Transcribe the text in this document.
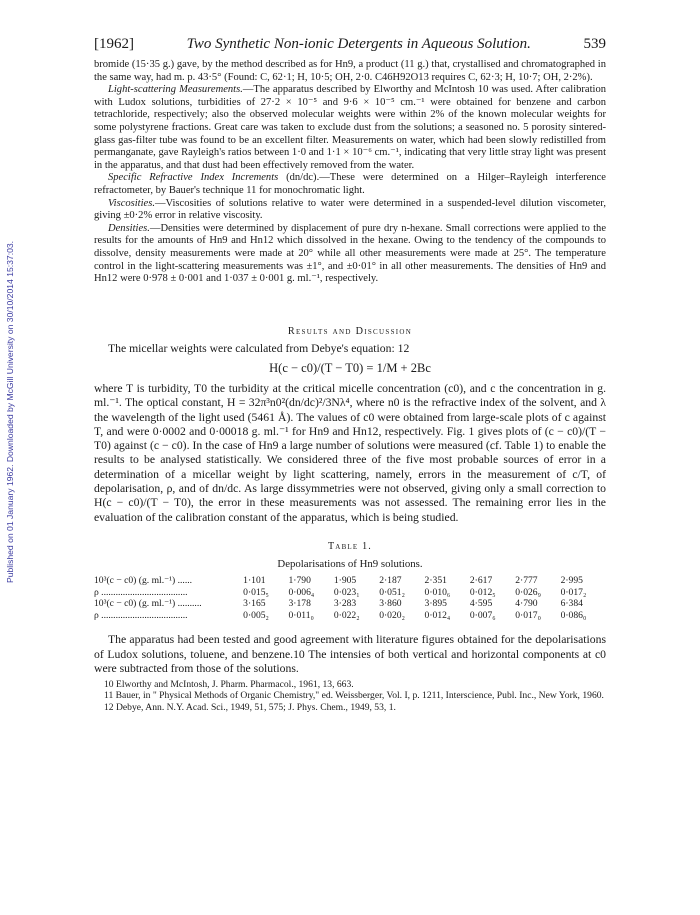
Published on 01 January 1962. Downloaded by McGill University on 30/10/2014 15:37:03.
[1962]	Two Synthetic Non-ionic Detergents in Aqueous Solution.	539

bromide (15·35 g.) gave, by the method described as for Hn9, a product (11 g.) that, crystallised and chromatographed in the same way, had m. p. 43·5° (Found: C, 62·1; H, 10·5; OH, 2·0. C46H92O13 requires C, 62·3; H, 10·7; OH, 2·2%).

Light-scattering Measurements.—The apparatus described by Elworthy and McIntosh 10 was used. After calibration with Ludox solutions, turbidities of 27·2 × 10⁻⁵ and 9·6 × 10⁻⁵ cm.⁻¹ were obtained for benzene and carbon tetrachloride, respectively; also the observed molecular weights were within 2% of the known molecular weights for some polystyrene fractions. Great care was taken to exclude dust from the solutions; a seasoned no. 5 porosity sintered-glass gas-filter tube was found to be an excellent filter. Measurements on water, which had been slowly redistilled from permanganate, gave Rayleigh's ratios between 1·0 and 1·1 × 10⁻⁶ cm.⁻¹, indicating that very little stray light was present in the apparatus, and that dust had been effectively removed from the water.

Specific Refractive Index Increments (dn/dc).—These were determined on a Hilger–Rayleigh interference refractometer, by Bauer's technique 11 for monochromatic light.

Viscosities.—Viscosities of solutions relative to water were determined in a suspended-level dilution viscometer, giving ±0·2% error in relative viscosity.

Densities.—Densities were determined by displacement of pure dry n-hexane. Small corrections were applied to the results for the amounts of Hn9 and Hn12 which dissolved in the hexane. Owing to the tendency of the compounds to dissolve, density measurements were made at 20° while all other measurements were made at 25°. The temperature control in the light-scattering measurements was ±1°, and ±0·01° in all other measurements. The densities of Hn9 and Hn12 were 0·978 ± 0·001 and 1·037 ± 0·001 g. ml.⁻¹, respectively.

Results and Discussion

The micellar weights were calculated from Debye's equation: 12

H(c − c0)/(T − T0) = 1/M + 2Bc

where T is turbidity, T0 the turbidity at the critical micelle concentration (c0), and c the concentration in g. ml.⁻¹. The optical constant, H = 32π³n0²(dn/dc)²/3Nλ⁴, where n0 is the refractive index of the solvent, and λ the wavelength of the light used (5461 Å). The values of c0 were obtained from large-scale plots of c against T, and were 0·0002 and 0·00018 g. ml.⁻¹ for Hn9 and Hn12, respectively. Fig. 1 gives plots of (c − c0)/(T − T0) against (c − c0). In the case of Hn9 a large number of solutions were measured (cf. Table 1) to enable the results to be analysed statistically. We considered three of the five most probable sources of error in a determination of a micellar weight by light scattering, namely, errors in the measurement of c/T, of depolarisation, ρ, and of dn/dc. As large dissymmetries were not observed, giving only a small correction to H(c − c0)/(T − T0), the error in these measurements was not assessed. The remaining error lies in the evaluation of the calibration constant of the apparatus, which is being studied.

Table 1.
Depolarisations of Hn9 solutions.
10³(c − c0) (g. ml.⁻¹) ......	1·101	1·790	1·905	2·187	2·351	2·617	2·777	2·995
ρ ....................................	0·015₅	0·006₄	0·023₁	0·051₂	0·010₆	0·012₅	0·026₉	0·017₂
10³(c − c0) (g. ml.⁻¹) ..........	3·165	3·178	3·283	3·860	3·895	4·595	4·790	6·384
ρ ....................................	0·005₂	0·011₀	0·022₂	0·020₂	0·012₄	0·007₆	0·017₀	0·086₀

The apparatus had been tested and good agreement with literature figures obtained for the depolarisations of Ludox solutions, toluene, and benzene.10 The intensies of both vertical and horizontal components at c0 were subtracted from those of the solutions.

10 Elworthy and McIntosh, J. Pharm. Pharmacol., 1961, 13, 663.
11 Bauer, in " Physical Methods of Organic Chemistry," ed. Weissberger, Vol. I, p. 1211, Interscience, Publ. Inc., New York, 1960.
12 Debye, Ann. N.Y. Acad. Sci., 1949, 51, 575; J. Phys. Chem., 1949, 53, 1.
